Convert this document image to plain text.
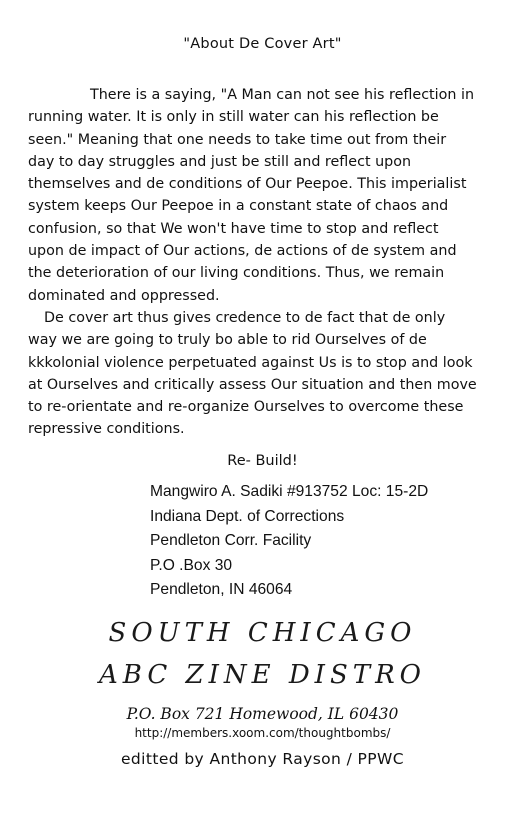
"About De Cover Art"
There is a saying, "A Man can not see his reflection in
running water. It is only in still water can his reflection be
seen." Meaning that one needs to take time out from their
day to day struggles and just be still and reflect upon
themselves and de conditions of Our Peepoe. This imperialist
system keeps Our Peepoe in a constant state of chaos and
confusion, so that We won't have time to stop and reflect
upon de impact of Our actions, de actions of de system and
the deterioration of our living conditions. Thus, we remain
dominated and oppressed.
De cover art thus gives credence to de fact that de only
way we are going to truly bo able to rid Ourselves of de
kkkolonial violence perpetuated against Us is to stop and look
at Ourselves and critically assess Our situation and then move
to re-orientate and re-organize Ourselves to overcome these
repressive conditions.
Re- Build!
Mangwiro A. Sadiki #913752 Loc: 15-2D
Indiana Dept. of Corrections
Pendleton Corr. Facility
P.O .Box 30
Pendleton, IN 46064
SOUTH CHICAGO
ABC ZINE DISTRO
P.O. Box 721 Homewood, IL 60430
http://members.xoom.com/thoughtbombs/
editted by Anthony Rayson / PPWC
